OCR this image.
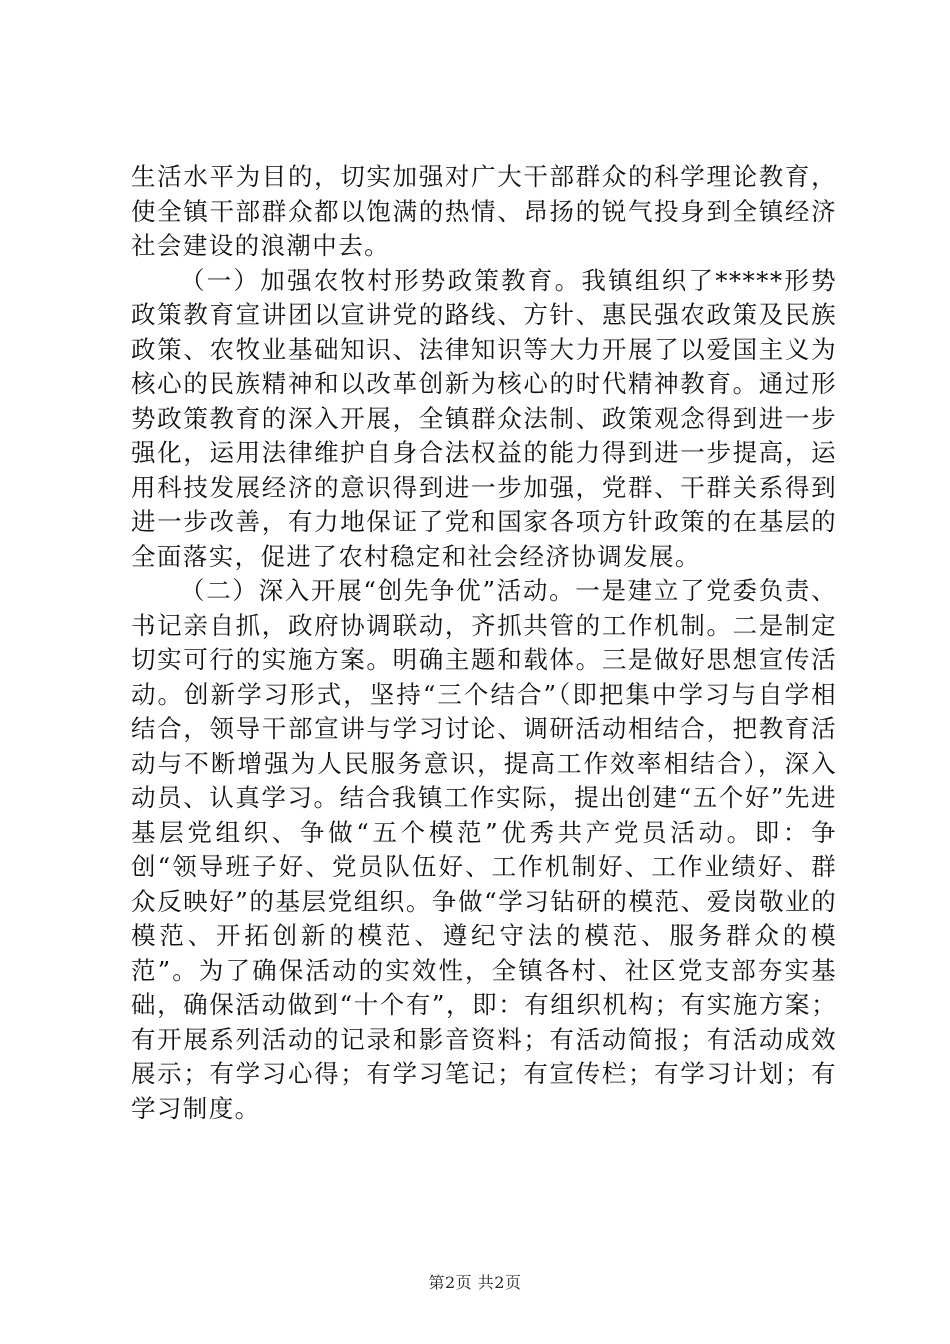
生活水平为目的，切实加强对广大干部群众的科学理论教育，使全镇干部群众都以饱满的热情、昂扬的锐气投身到全镇经济社会建设的浪潮中去。

（一）加强农牧村形势政策教育。我镇组织了*****形势政策教育宣讲团以宣讲党的路线、方针、惠民强农政策及民族政策、农牧业基础知识、法律知识等大力开展了以爱国主义为核心的民族精神和以改革创新为核心的时代精神教育。通过形势政策教育的深入开展，全镇群众法制、政策观念得到进一步强化，运用法律维护自身合法权益的能力得到进一步提高，运用科技发展经济的意识得到进一步加强，党群、干群关系得到进一步改善，有力地保证了党和国家各项方针政策的在基层的全面落实，促进了农村稳定和社会经济协调发展。

（二）深入开展“创先争优”活动。一是建立了党委负责、书记亲自抓，政府协调联动，齐抓共管的工作机制。二是制定切实可行的实施方案。明确主题和载体。三是做好思想宣传活动。创新学习形式，坚持“三个结合”（即把集中学习与自学相结合，领导干部宣讲与学习讨论、调研活动相结合，把教育活动与不断增强为人民服务意识，提高工作效率相结合），深入动员、认真学习。结合我镇工作实际，提出创建“五个好”先进基层党组织、争做“五个模范”优秀共产党员活动。即：争创“领导班子好、党员队伍好、工作机制好、工作业绩好、群众反映好”的基层党组织。争做“学习钻研的模范、爱岗敬业的模范、开拓创新的模范、遵纪守法的模范、服务群众的模范”。为了确保活动的实效性，全镇各村、社区党支部夯实基础，确保活动做到“十个有”，即：有组织机构；有实施方案；有开展系列活动的记录和影音资料；有活动简报；有活动成效展示；有学习心得；有学习笔记；有宣传栏；有学习计划；有学习制度。

第2页 共2页
